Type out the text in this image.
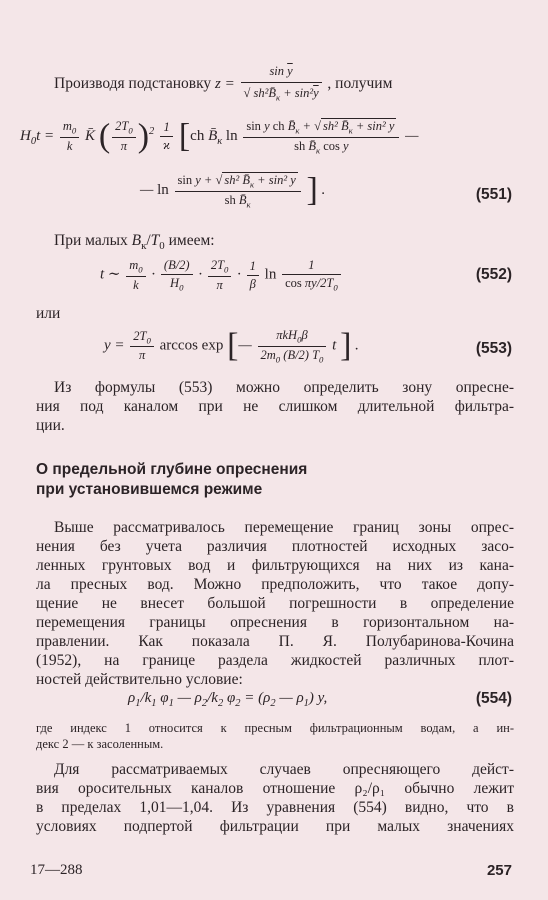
Производя подстановку $z = \frac{\sin \overline{y}}{√ sh^2B̄_к + \sin^2\overline{y}}$ , получим
$H_0t = \frac{m_0}{k}$ K̄ ( $\frac{2T_0}{\pi} )^2 \frac{1}{ϰ} [ch$ $B̄_к$ $\ln \frac{\sin y ch B̄_к + √ sh^2 B̄_к + \sin^2 y}{sh B̄_к \cos y}$ —
— $\ln \frac{\sin y + √ sh^2 B̄_к + \sin^2 y}{sh B̄_к}$ ] .	(551)
При малых $B_к/T_0$ имеем:
t ∼ $\frac{m_0}{k} \cdot \frac{(B/2)}{H_0} \cdot \frac{2T_0}{\pi} \cdot \frac{1}{\beta}$ $\ln \frac{1}{\cos \pi y/2T_0}$	(552)
или
$y = \frac{2T_0}{\pi}$ arccos exp [— $\frac{\pi kH_0\beta}{2m_0 (B/2) T_0}$ t ] .	(553)
Из формулы (553) можно определить зону опресне-
ния под каналом при не слишком длительной фильтра-
ции.
О предельной глубине опреснения
при установившемся режиме
Выше рассматривалось перемещение границ зоны опрес-
нения без учета различия плотностей исходных засо-
ленных грунтовых вод и фильтрующихся на них из кана-
ла пресных вод. Можно предположить, что такое допу-
щение не внесет большой погрешности в определение
перемещения границы опреснения в горизонтальном на-
правлении. Как показала П. Я. Полубаринова-Кочина
(1952), на границе раздела жидкостей различных плот-
ностей действительно условие:
$\rho_1/k_1$ $\varphi_1$ — $\rho_2/k_2$ $\varphi_2 = (\rho_2$ — $\rho_1$) y,	(554)
где индекс 1 относится к пресным фильтрационным водам, а ин-
декс 2 — к засоленным.
Для рассматриваемых случаев опресняющего дейст-
вия оросительных каналов отношение ρ₂/ρ₁ обычно лежит
в пределах 1,01—1,04. Из уравнения (554) видно, что в
условиях подпертой фильтрации при малых значениях
17—288	257
